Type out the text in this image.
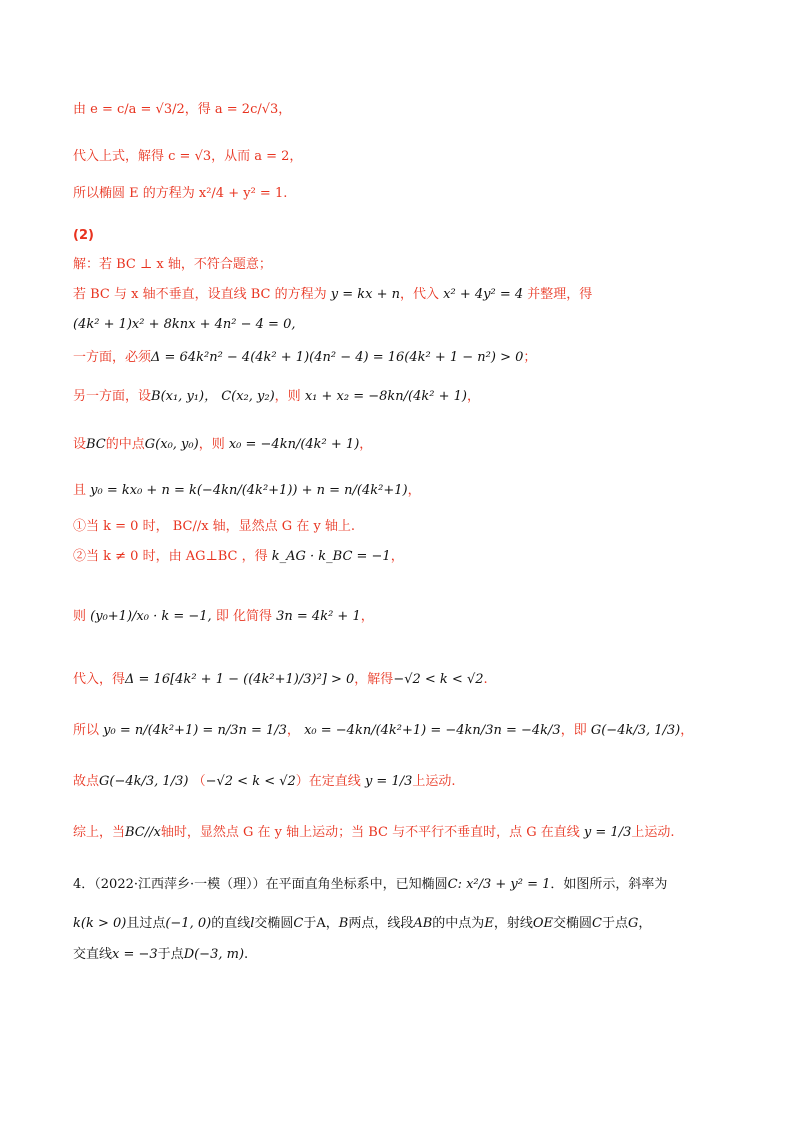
由 e = c/a = √3/2，得 a = 2c/√3，
代入上式，解得 c = √3，从而 a = 2，
所以椭圆 E 的方程为 x²/4 + y² = 1.
(2)
解：若 BC ⊥ x 轴，不符合题意；
若 BC 与 x 轴不垂直，设直线 BC 的方程为 y = kx + n，代入 x² + 4y² = 4 并整理，得
(4k² + 1)x² + 8knx + 4n² − 4 = 0,
一方面，必须Δ = 64k²n² − 4(4k² + 1)(4n² − 4) = 16(4k² + 1 − n²) > 0；
另一方面，设B(x₁, y₁)， C(x₂, y₂)，则 x₁ + x₂ = −8kn/(4k² + 1)，
设BC的中点G(x₀, y₀)，则 x₀ = −4kn/(4k² + 1)，
且 y₀ = kx₀ + n = k(−4kn/(4k²+1)) + n = n/(4k²+1)，
①当 k = 0 时， BC//x 轴，显然点 G 在 y 轴上.
②当 k ≠ 0 时，由 AG⊥BC ，得 k_AG · k_BC = −1，
则 (y₀+1)/x₀ · k = −1, 即 化简得 3n = 4k² + 1，
代入，得Δ = 16[4k² + 1 − ((4k²+1)/3)²] > 0，解得−√2 < k < √2.
所以 y₀ = n/(4k²+1) = n/3n = 1/3， x₀ = −4kn/(4k²+1) = −4kn/3n = −4k/3，即 G(−4k/3, 1/3)，
故点G(−4k/3, 1/3) （−√2 < k < √2）在定直线 y = 1/3上运动.
综上，当BC//x轴时，显然点 G 在 y 轴上运动；当 BC 与不平行不垂直时，点 G 在直线 y = 1/3上运动.
4．（2022·江西萍乡·一模（理））在平面直角坐标系中，已知椭圆C: x²/3 + y² = 1．如图所示，斜率为
k(k > 0)且过点(−1, 0)的直线l交椭圆C于A，B两点，线段AB的中点为E，射线OE交椭圆C于点G，
交直线x = −3于点D(−3, m).
